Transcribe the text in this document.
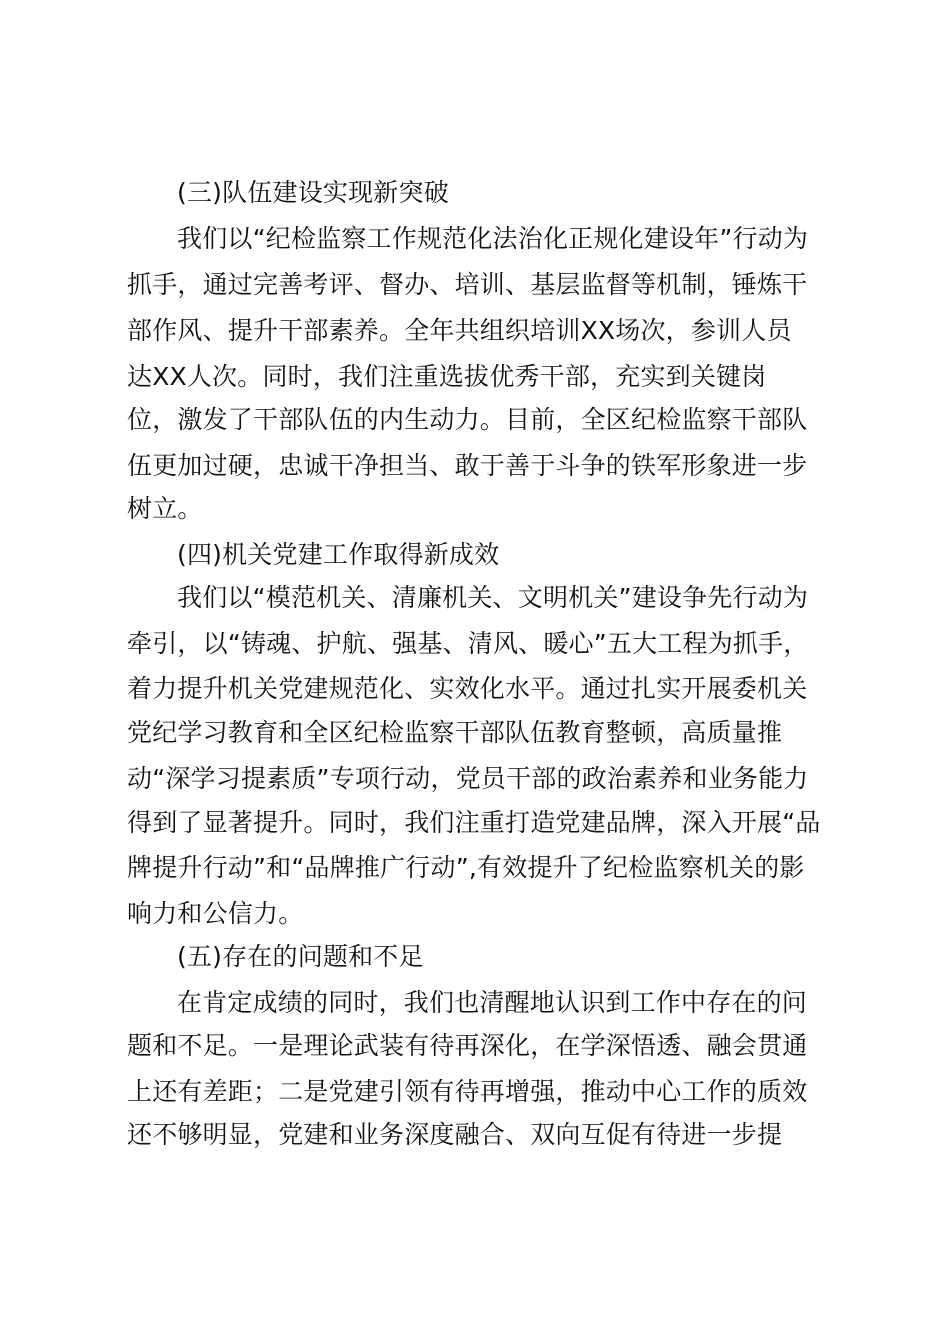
(三)队伍建设实现新突破
我们以“纪检监察工作规范化法治化正规化建设年”行动为
抓手，通过完善考评、督办、培训、基层监督等机制，锤炼干
部作风、提升干部素养。全年共组织培训XX场次，参训人员
达XX人次。同时，我们注重选拔优秀干部，充实到关键岗
位，激发了干部队伍的内生动力。目前，全区纪检监察干部队
伍更加过硬，忠诚干净担当、敢于善于斗争的铁军形象进一步
树立。
(四)机关党建工作取得新成效
我们以“模范机关、清廉机关、文明机关”建设争先行动为
牵引，以“铸魂、护航、强基、清风、暖心”五大工程为抓手，
着力提升机关党建规范化、实效化水平。通过扎实开展委机关
党纪学习教育和全区纪检监察干部队伍教育整顿，高质量推
动“深学习提素质”专项行动，党员干部的政治素养和业务能力
得到了显著提升。同时，我们注重打造党建品牌，深入开展“品
牌提升行动”和“品牌推广行动”,有效提升了纪检监察机关的影
响力和公信力。
(五)存在的问题和不足
在肯定成绩的同时，我们也清醒地认识到工作中存在的问
题和不足。一是理论武装有待再深化，在学深悟透、融会贯通
上还有差距；二是党建引领有待再增强，推动中心工作的质效
还不够明显，党建和业务深度融合、双向互促有待进一步提
